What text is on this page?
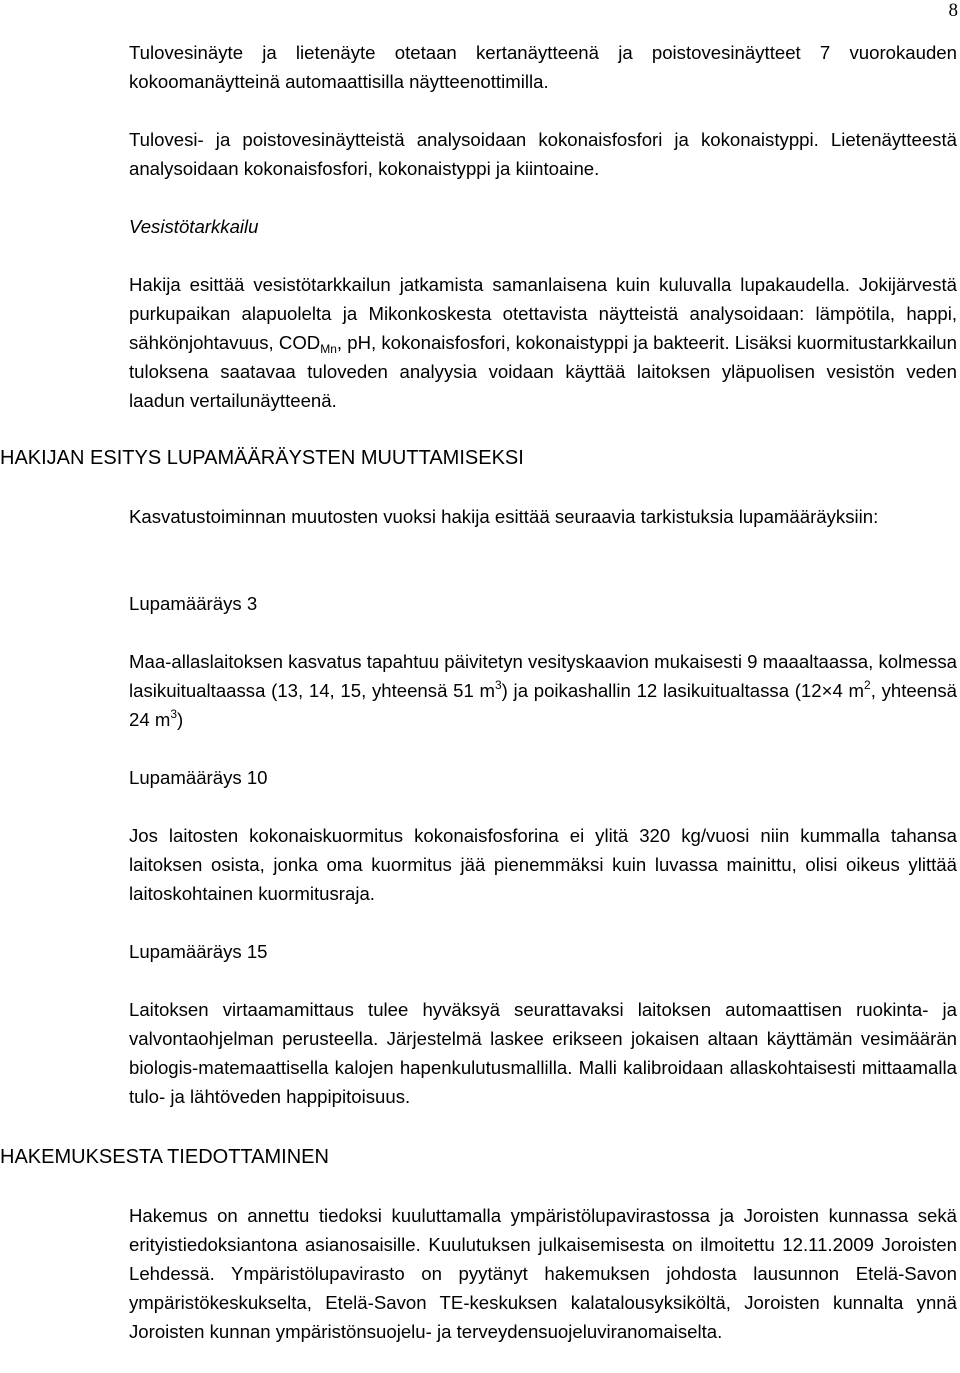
8

Tulovesinäyte ja lietenäyte otetaan kertanäytteenä ja poistovesinäytteet 7 vuorokauden kokoomanäytteinä automaattisilla näytteenottimilla.

Tulovesi- ja poistovesinäytteistä analysoidaan kokonaisfosfori ja kokonaistyppi. Lietenäytteestä analysoidaan kokonaisfosfori, kokonaistyppi ja kiintoaine.

Vesistötarkkailu

Hakija esittää vesistötarkkailun jatkamista samanlaisena kuin kuluvalla lupakaudella. Jokijärvestä purkupaikan alapuolelta ja Mikonkoskesta otettavista näytteistä analysoidaan: lämpötila, happi, sähkönjohtavuus, $COD_{Mn}$, pH, kokonaisfosfori, kokonaistyppi ja bakteerit. Lisäksi kuormitustarkkailun tuloksena saatavaa tuloveden analyysia voidaan käyttää laitoksen yläpuolisen vesistön veden laadun vertailunäytteenä.

HAKIJAN ESITYS LUPAMÄÄRÄYSTEN MUUTTAMISEKSI

Kasvatustoiminnan muutosten vuoksi hakija esittää seuraavia tarkistuksia lupamääräyksiin:

Lupamääräys 3

Maa-allaslaitoksen kasvatus tapahtuu päivitetyn vesityskaavion mukaisesti 9 maaaltaassa, kolmessa lasikuitualtaassa (13, 14, 15, yhteensä 51 $m^3$) ja poikashallin 12 lasikuitualtassa (12×4 $m^2$, yhteensä 24 $m^3$)

Lupamääräys 10

Jos laitosten kokonaiskuormitus kokonaisfosforina ei ylitä 320 kg/vuosi niin kummalla tahansa laitoksen osista, jonka oma kuormitus jää pienemmäksi kuin luvassa mainittu, olisi oikeus ylittää laitoskohtainen kuormitusraja.

Lupamääräys 15

Laitoksen virtaamamittaus tulee hyväksyä seurattavaksi laitoksen automaattisen ruokinta- ja valvontaohjelman perusteella. Järjestelmä laskee erikseen jokaisen altaan käyttämän vesimäärän biologis-matemaattisella kalojen hapenkulutusmallilla. Malli kalibroidaan allaskohtaisesti mittaamalla tulo- ja lähtöveden happipitoisuus.

HAKEMUKSESTA TIEDOTTAMINEN

Hakemus on annettu tiedoksi kuuluttamalla ympäristölupavirastossa ja Joroisten kunnassa sekä erityistiedoksiantona asianosaisille. Kuulutuksen julkaisemisesta on ilmoitettu 12.11.2009 Joroisten Lehdessä. Ympäristölupavirasto on pyytänyt hakemuksen johdosta lausunnon Etelä-Savon ympäristökeskukselta, Etelä-Savon TE-keskuksen kalatalousyksiköltä, Joroisten kunnalta ynnä Joroisten kunnan ympäristönsuojelu- ja terveydensuojeluviranomaiselta.
